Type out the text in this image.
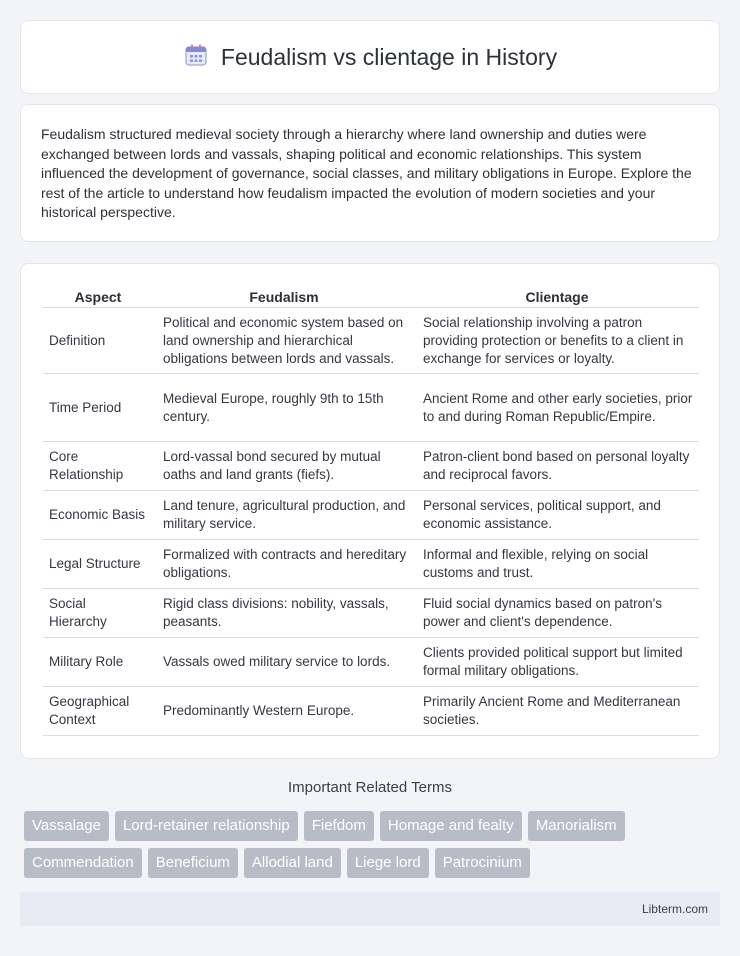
Feudalism vs clientage in History

Feudalism structured medieval society through a hierarchy where land ownership and duties were exchanged between lords and vassals, shaping political and economic relationships. This system influenced the development of governance, social classes, and military obligations in Europe. Explore the rest of the article to understand how feudalism impacted the evolution of modern societies and your historical perspective.

Aspect	Feudalism	Clientage
Definition	Political and economic system based on land ownership and hierarchical obligations between lords and vassals.	Social relationship involving a patron providing protection or benefits to a client in exchange for services or loyalty.
Time Period	Medieval Europe, roughly 9th to 15th century.	Ancient Rome and other early societies, prior to and during Roman Republic/Empire.
Core Relationship	Lord-vassal bond secured by mutual oaths and land grants (fiefs).	Patron-client bond based on personal loyalty and reciprocal favors.
Economic Basis	Land tenure, agricultural production, and military service.	Personal services, political support, and economic assistance.
Legal Structure	Formalized with contracts and hereditary obligations.	Informal and flexible, relying on social customs and trust.
Social Hierarchy	Rigid class divisions: nobility, vassals, peasants.	Fluid social dynamics based on patron's power and client's dependence.
Military Role	Vassals owed military service to lords.	Clients provided political support but limited formal military obligations.
Geographical Context	Predominantly Western Europe.	Primarily Ancient Rome and Mediterranean societies.
Important Related Terms
Vassalage	Lord-retainer relationship	Fiefdom	Homage and fealty	Manorialism
Commendation	Beneficium	Allodial land	Liege lord	Patrocinium
Libterm.com
